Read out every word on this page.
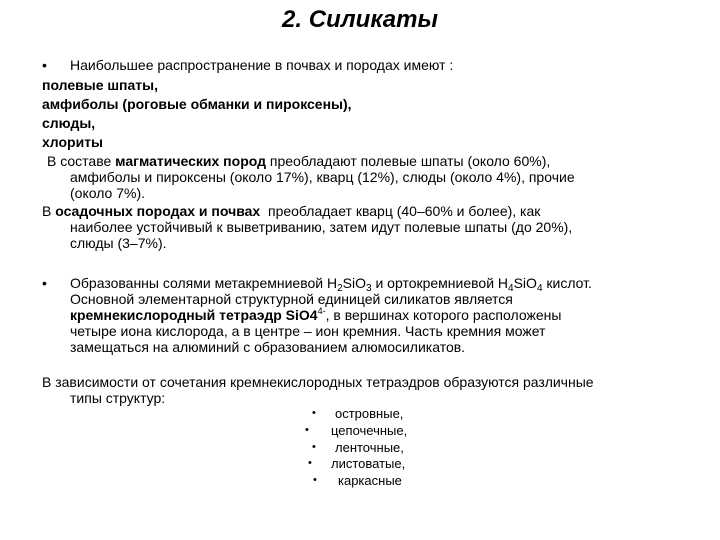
2. Силикаты
• Наибольшее распространение в почвах и породах имеют :
полевые шпаты,
амфиболы (роговые обманки и пироксены),
слюды,
хлориты
В составе магматических пород преобладают полевые шпаты (около 60%),
амфиболы и пироксены (около 17%), кварц (12%), слюды (около 4%), прочие
(около 7%).
В осадочных породах и почвах  преобладает кварц (40–60% и более), как
наиболее устойчивый к выветриванию, затем идут полевые шпаты (до 20%),
слюды (3–7%).
• Образованны солями метакремниевой $H_2SiO_3$ и ортокремниевой $H_4SiO_4$ кислот.
Основной элементарной структурной единицей силикатов является
кремнекислородный тетраэдр $SiO4^{4-}$, в вершинах которого расположены
четыре иона кислорода, а в центре – ион кремния. Часть кремния может
замещаться на алюминий с образованием алюмосиликатов.
В зависимости от сочетания кремнекислородных тетраэдров образуются различные
типы структур:
• островные,
• цепочечные,
• ленточные,
• листоватые,
• каркасные
